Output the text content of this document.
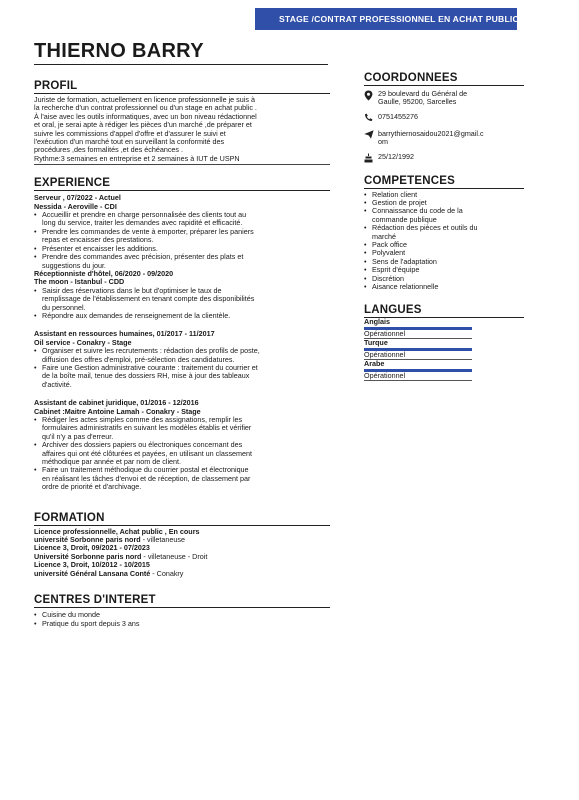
STAGE /CONTRAT PROFESSIONNEL EN ACHAT PUBLIC
THIERNO BARRY
PROFIL
Juriste de formation, actuellement en licence professionnelle je suis à
la recherche d'un contrat professionnel ou d'un stage en achat public .
À l'aise avec les outils informatiques, avec un bon niveau rédactionnel
et oral, je serai apte à rédiger les pièces d'un marché ,de préparer et
suivre les commissions d'appel d'offre et d'assurer le suivi et
l'exécution d'un marché tout en surveillant la conformité des
procédures ,des formalités ,et des échéances .
Rythme:3 semaines en entreprise et 2 semaines à IUT de USPN
EXPERIENCE
Serveur , 07/2022 - Actuel
Nessida - Aeroville - CDI
• Accueillir et prendre en charge personnalisée des clients tout au
long du service, traiter les demandes avec rapidité et efficacité.
• Prendre les commandes de vente à emporter, préparer les paniers
repas et encaisser des prestations.
• Présenter et encaisser les additions.
• Prendre des commandes avec précision, présenter des plats et
suggestions du jour.
Réceptionniste d'hôtel, 06/2020 - 09/2020
The moon - Istanbul - CDD
• Saisir des réservations dans le but d'optimiser le taux de
remplissage de l'établissement en tenant compte des disponibilités
du personnel.
• Répondre aux demandes de renseignement de la clientèle.
Assistant en ressources humaines, 01/2017 - 11/2017
Oil service - Conakry - Stage
• Organiser et suivre les recrutements : rédaction des profils de poste,
diffusion des offres d'emploi, pré-sélection des candidatures.
• Faire une Gestion administrative courante : traitement du courrier et
de la boîte mail, tenue des dossiers RH, mise à jour des tableaux
d'activité.
Assistant de cabinet juridique, 01/2016 - 12/2016
Cabinet :Maitre Antoine Lamah - Conakry - Stage
• Rédiger les actes simples comme des assignations, remplir les
formulaires administratifs en suivant les modèles établis et vérifier
qu'il n'y a pas d'erreur.
• Archiver des dossiers papiers ou électroniques concernant des
affaires qui ont été clôturées et payées, en utilisant un classement
méthodique par année et par nom de client.
• Faire un traitement méthodique du courrier postal et électronique
en réalisant les tâches d'envoi et de réception, de classement par
ordre de priorité et d'archivage.
FORMATION
Licence professionnelle, Achat public , En cours
université Sorbonne paris nord - villetaneuse
Licence 3, Droit, 09/2021 - 07/2023
Université Sorbonne paris nord - villetaneuse - Droit
Licence 3, Droit, 10/2012 - 10/2015
université Général Lansana Conté - Conakry
CENTRES D'INTERET
• Cuisine du monde
• Pratique du sport depuis 3 ans
COORDONNEES
29 boulevard du Général de
Gaulle, 95200, Sarcelles
0751455276
barrythiernosaidou2021@gmail.c
om
25/12/1992
COMPETENCES
• Relation client
• Gestion de projet
• Connaissance du code de la
commande publique
• Rédaction des pièces et outils du
marché
• Pack office
• Polyvalent
• Sens de l'adaptation
• Esprit d'équipe
• Discrétion
• Aisance relationnelle
LANGUES
Anglais
Opérationnel
Turque
Opérationnel
Arabe
Opérationnel
